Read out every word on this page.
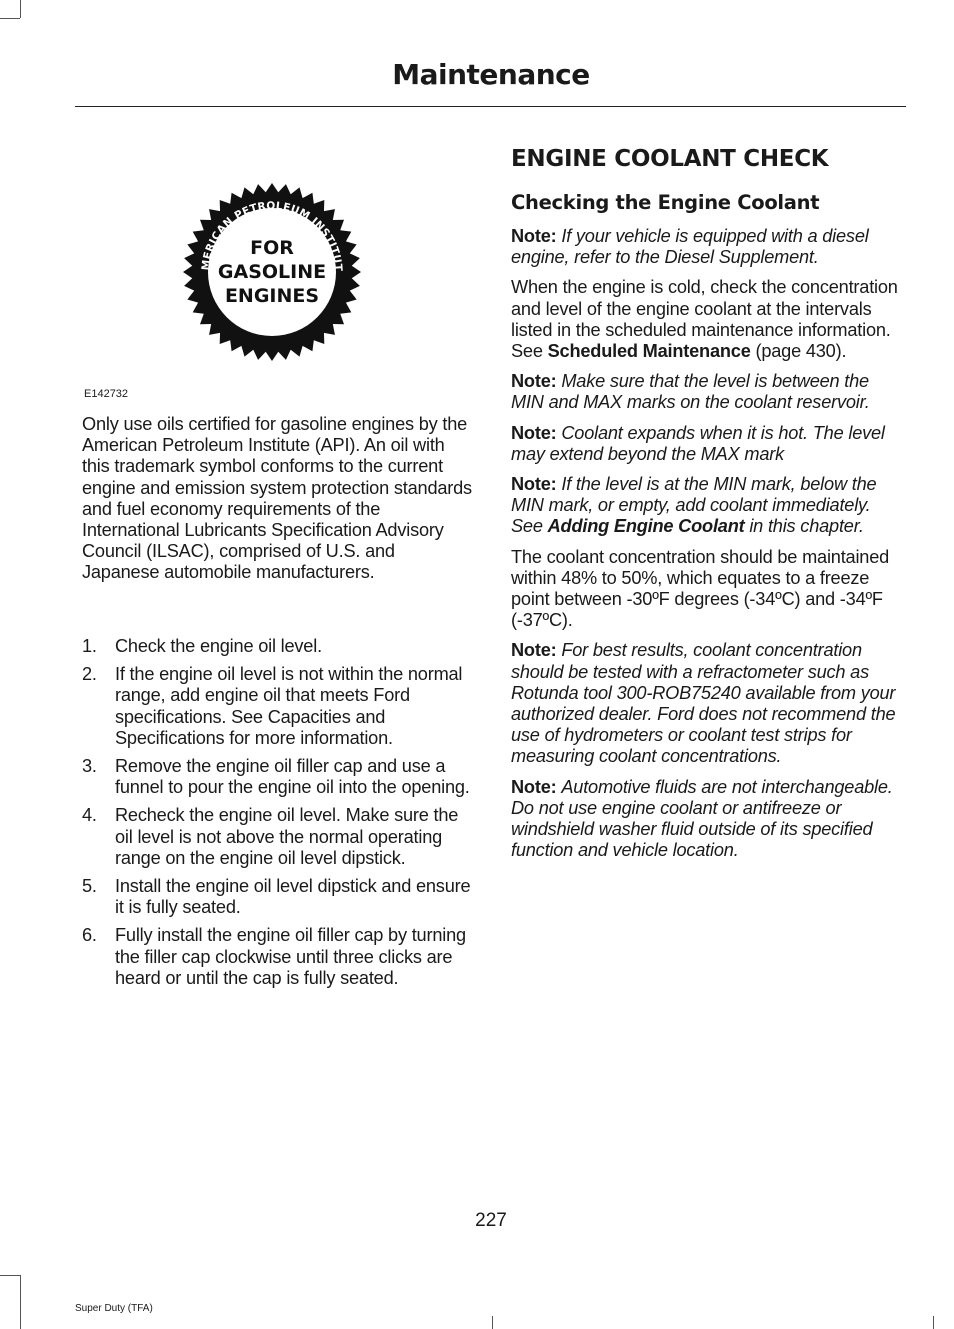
Maintenance
MERICAN PETROLEUM INSTITUT
CERTIFIED
FOR
GASOLINE
ENGINES
E142732

Only use oils certified for gasoline engines by the American Petroleum Institute (API). An oil with this trademark symbol conforms to the current engine and emission system protection standards and fuel economy requirements of the International Lubricants Specification Advisory Council (ILSAC), comprised of U.S. and Japanese automobile manufacturers.

1. Check the engine oil level.
2. If the engine oil level is not within the normal range, add engine oil that meets Ford specifications. See Capacities and Specifications for more information.
3. Remove the engine oil filler cap and use a funnel to pour the engine oil into the opening.
4. Recheck the engine oil level. Make sure the oil level is not above the normal operating range on the engine oil level dipstick.
5. Install the engine oil level dipstick and ensure it is fully seated.
6. Fully install the engine oil filler cap by turning the filler cap clockwise until three clicks are heard or until the cap is fully seated.
ENGINE COOLANT CHECK
Checking the Engine Coolant

Note: If your vehicle is equipped with a diesel engine, refer to the Diesel Supplement.

When the engine is cold, check the concentration and level of the engine coolant at the intervals listed in the scheduled maintenance information. See Scheduled Maintenance (page 430).

Note: Make sure that the level is between the MIN and MAX marks on the coolant reservoir.

Note: Coolant expands when it is hot. The level may extend beyond the MAX mark

Note: If the level is at the MIN mark, below the MIN mark, or empty, add coolant immediately. See Adding Engine Coolant in this chapter.

The coolant concentration should be maintained within 48% to 50%, which equates to a freeze point between -30ºF degrees (-34ºC) and -34ºF (-37ºC).

Note: For best results, coolant concentration should be tested with a refractometer such as Rotunda tool 300-ROB75240 available from your authorized dealer. Ford does not recommend the use of hydrometers or coolant test strips for measuring coolant concentrations.

Note: Automotive fluids are not interchangeable. Do not use engine coolant or antifreeze or windshield washer fluid outside of its specified function and vehicle location.

227
Super Duty (TFA)
